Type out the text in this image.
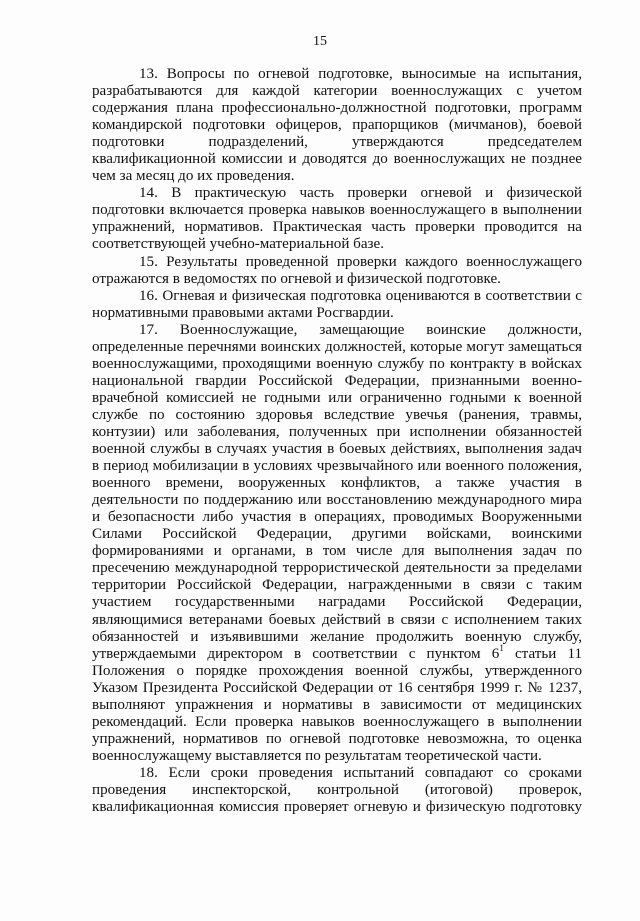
15

13. Вопросы по огневой подготовке, выносимые на испытания, разрабатываются для каждой категории военнослужащих с учетом содержания плана профессионально-должностной подготовки, программ командирской подготовки офицеров, прапорщиков (мичманов), боевой подготовки подразделений, утверждаются председателем квалификационной комиссии и доводятся до военнослужащих не позднее чем за месяц до их проведения.

14. В практическую часть проверки огневой и физической подготовки включается проверка навыков военнослужащего в выполнении упражнений, нормативов. Практическая часть проверки проводится на соответствующей учебно-материальной базе.

15. Результаты проведенной проверки каждого военнослужащего отражаются в ведомостях по огневой и физической подготовке.

16. Огневая и физическая подготовка оцениваются в соответствии с нормативными правовыми актами Росгвардии.

17. Военнослужащие, замещающие воинские должности, определенные перечнями воинских должностей, которые могут замещаться военнослужащими, проходящими военную службу по контракту в войсках национальной гвардии Российской Федерации, признанными военно-врачебной комиссией не годными или ограниченно годными к военной службе по состоянию здоровья вследствие увечья (ранения, травмы, контузии) или заболевания, полученных при исполнении обязанностей военной службы в случаях участия в боевых действиях, выполнения задач в период мобилизации в условиях чрезвычайного или военного положения, военного времени, вооруженных конфликтов, а также участия в деятельности по поддержанию или восстановлению международного мира и безопасности либо участия в операциях, проводимых Вооруженными Силами Российской Федерации, другими войсками, воинскими формированиями и органами, в том числе для выполнения задач по пресечению международной террористической деятельности за пределами территории Российской Федерации, награжденными в связи с таким участием государственными наградами Российской Федерации, являющимися ветеранами боевых действий в связи с исполнением таких обязанностей и изъявившими желание продолжить военную службу, утверждаемыми директором в соответствии с пунктом $6^1$ статьи 11 Положения о порядке прохождения военной службы, утвержденного Указом Президента Российской Федерации от 16 сентября 1999 г. № 1237, выполняют упражнения и нормативы в зависимости от медицинских рекомендаций. Если проверка навыков военнослужащего в выполнении упражнений, нормативов по огневой подготовке невозможна, то оценка военнослужащему выставляется по результатам теоретической части.

18. Если сроки проведения испытаний совпадают со сроками проведения инспекторской, контрольной (итоговой) проверок, квалификационная комиссия проверяет огневую и физическую подготовку
